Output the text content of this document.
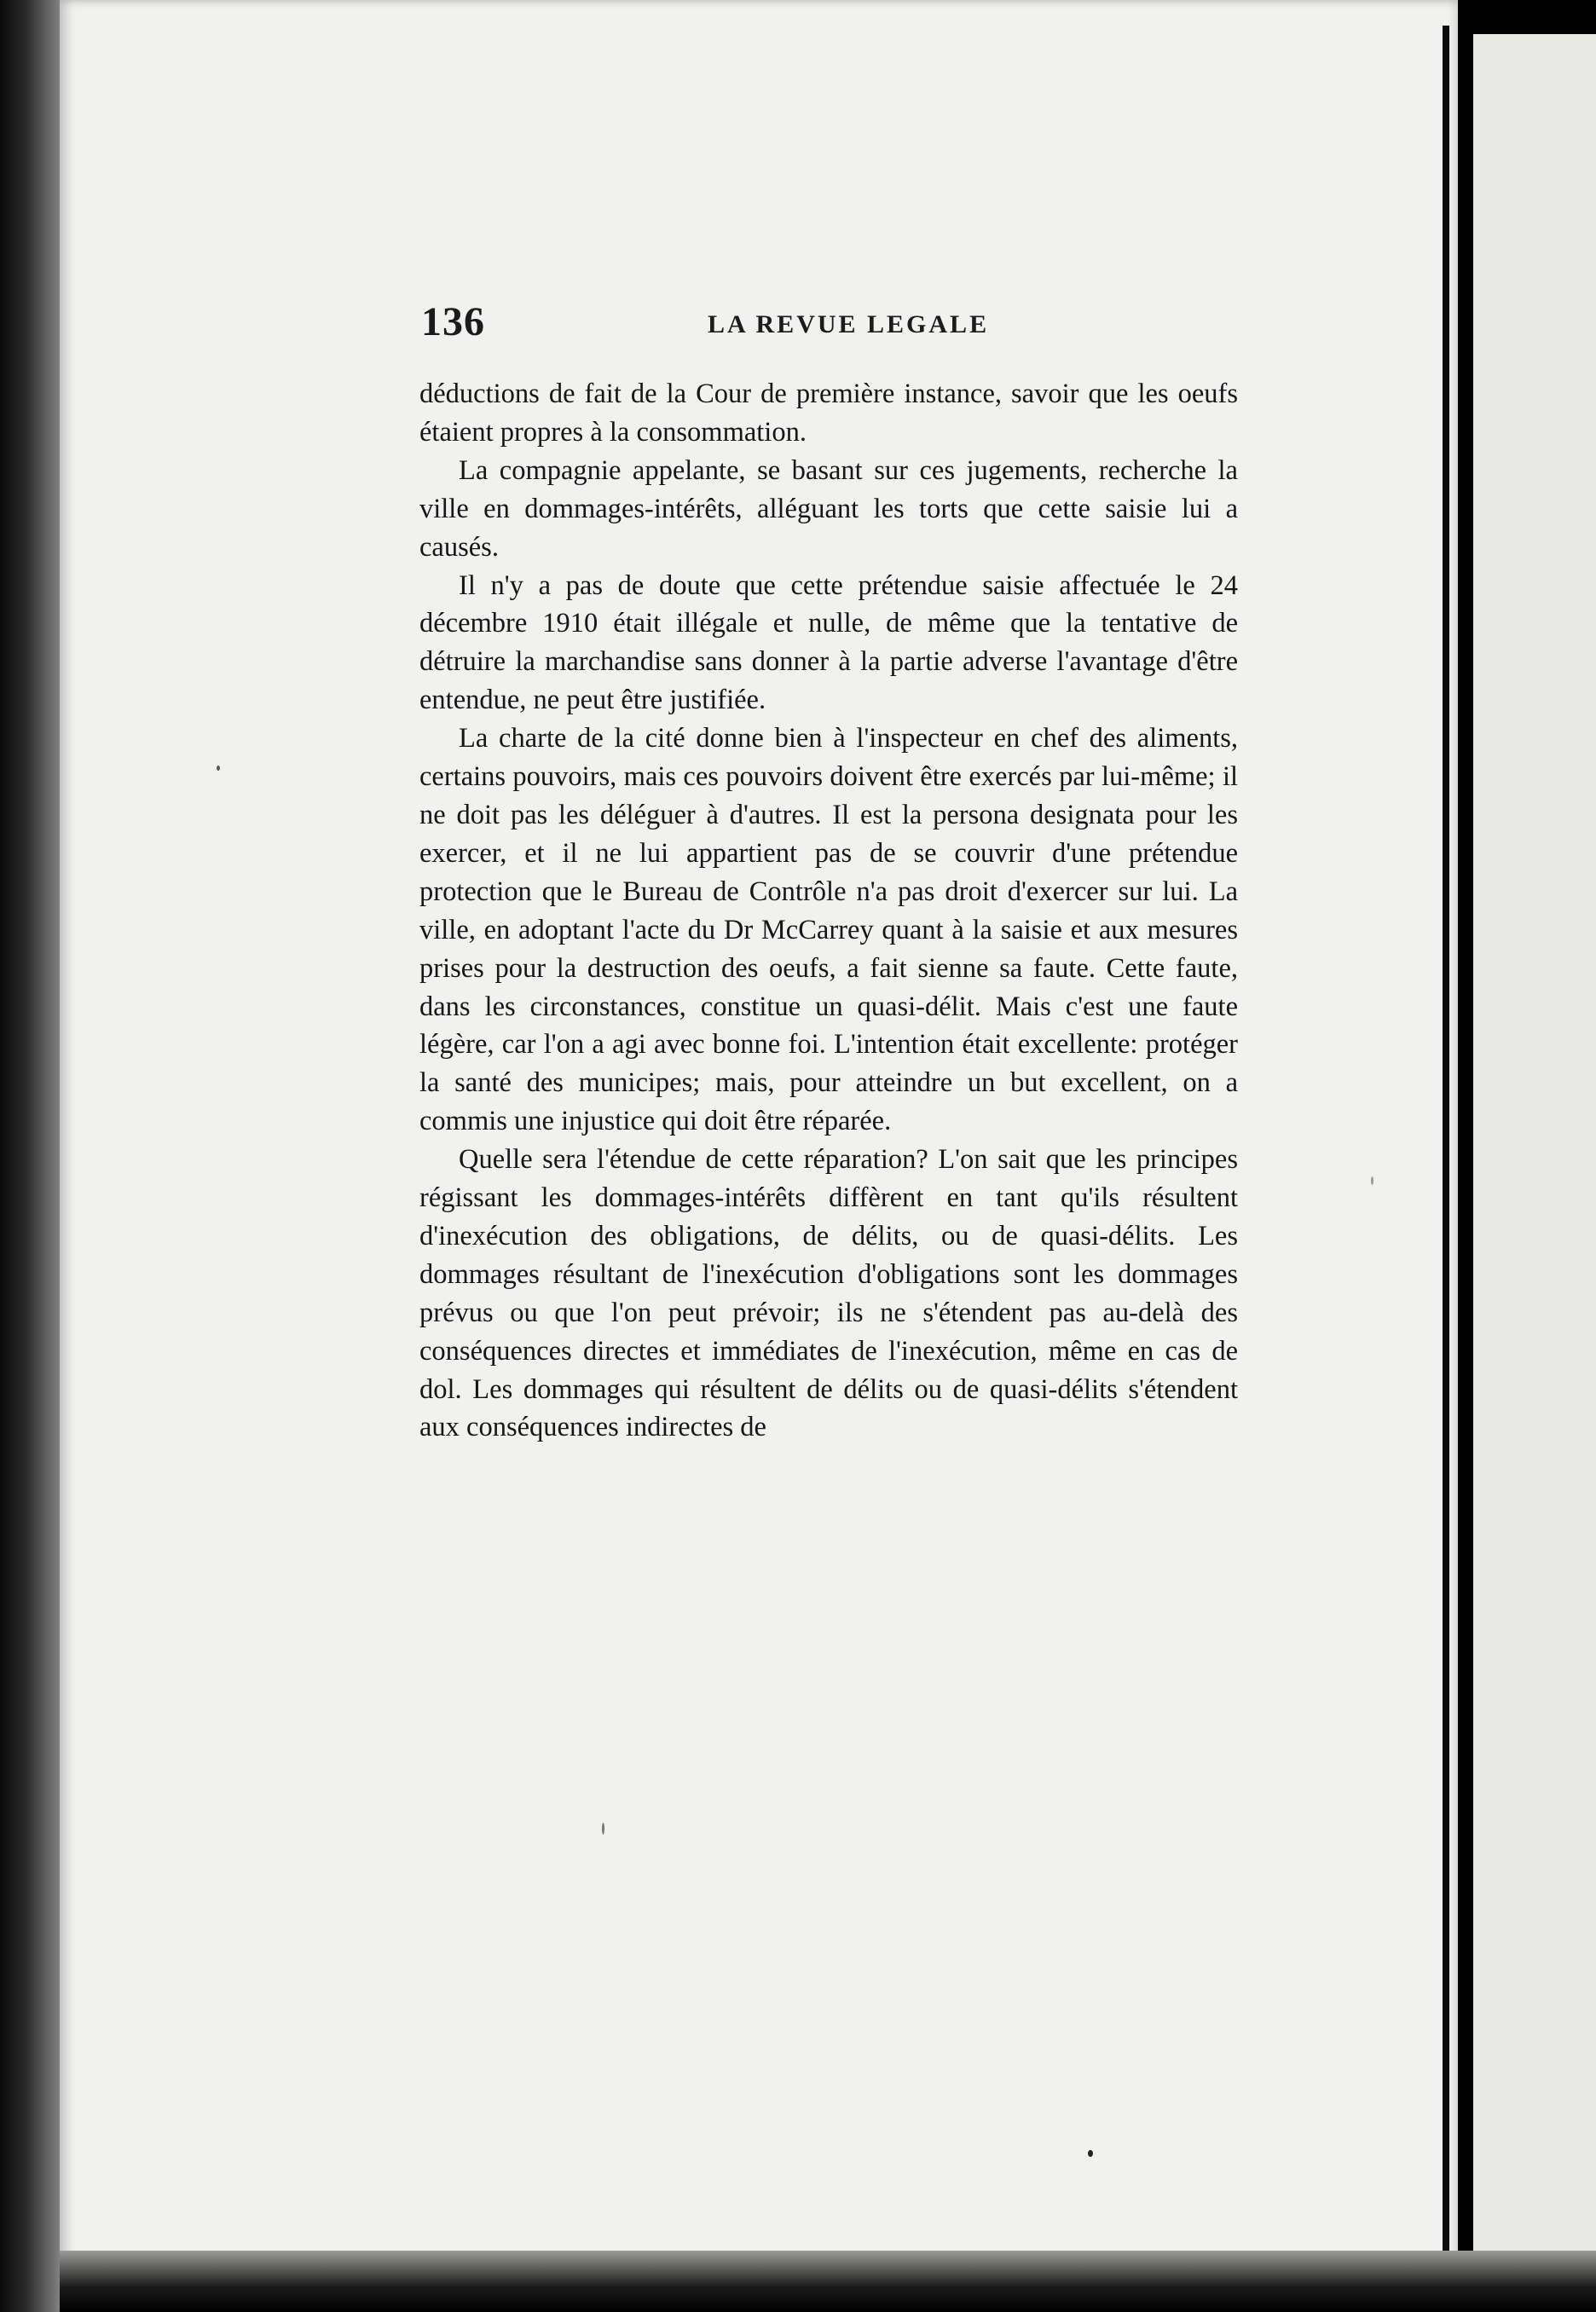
136	LA REVUE LEGALE

déductions de fait de la Cour de première instance, savoir que les oeufs étaient propres à la consommation.

La compagnie appelante, se basant sur ces jugements, recherche la ville en dommages-intérêts, alléguant les torts que cette saisie lui a causés.

Il n'y a pas de doute que cette prétendue saisie affectuée le 24 décembre 1910 était illégale et nulle, de même que la tentative de détruire la marchandise sans donner à la partie adverse l'avantage d'être entendue, ne peut être justifiée.

La charte de la cité donne bien à l'inspecteur en chef des aliments, certains pouvoirs, mais ces pouvoirs doivent être exercés par lui-même; il ne doit pas les déléguer à d'autres. Il est la persona designata pour les exercer, et il ne lui appartient pas de se couvrir d'une prétendue protection que le Bureau de Contrôle n'a pas droit d'exercer sur lui. La ville, en adoptant l'acte du Dr McCarrey quant à la saisie et aux mesures prises pour la destruction des oeufs, a fait sienne sa faute. Cette faute, dans les circonstances, constitue un quasi-délit. Mais c'est une faute légère, car l'on a agi avec bonne foi. L'intention était excellente: protéger la santé des municipes; mais, pour atteindre un but excellent, on a commis une injustice qui doit être réparée.

Quelle sera l'étendue de cette réparation? L'on sait que les principes régissant les dommages-intérêts diffèrent en tant qu'ils résultent d'inexécution des obligations, de délits, ou de quasi-délits. Les dommages résultant de l'inexécution d'obligations sont les dommages prévus ou que l'on peut prévoir; ils ne s'étendent pas au-delà des conséquences directes et immédiates de l'inexécution, même en cas de dol. Les dommages qui résultent de délits ou de quasi-délits s'étendent aux conséquences indirectes de
